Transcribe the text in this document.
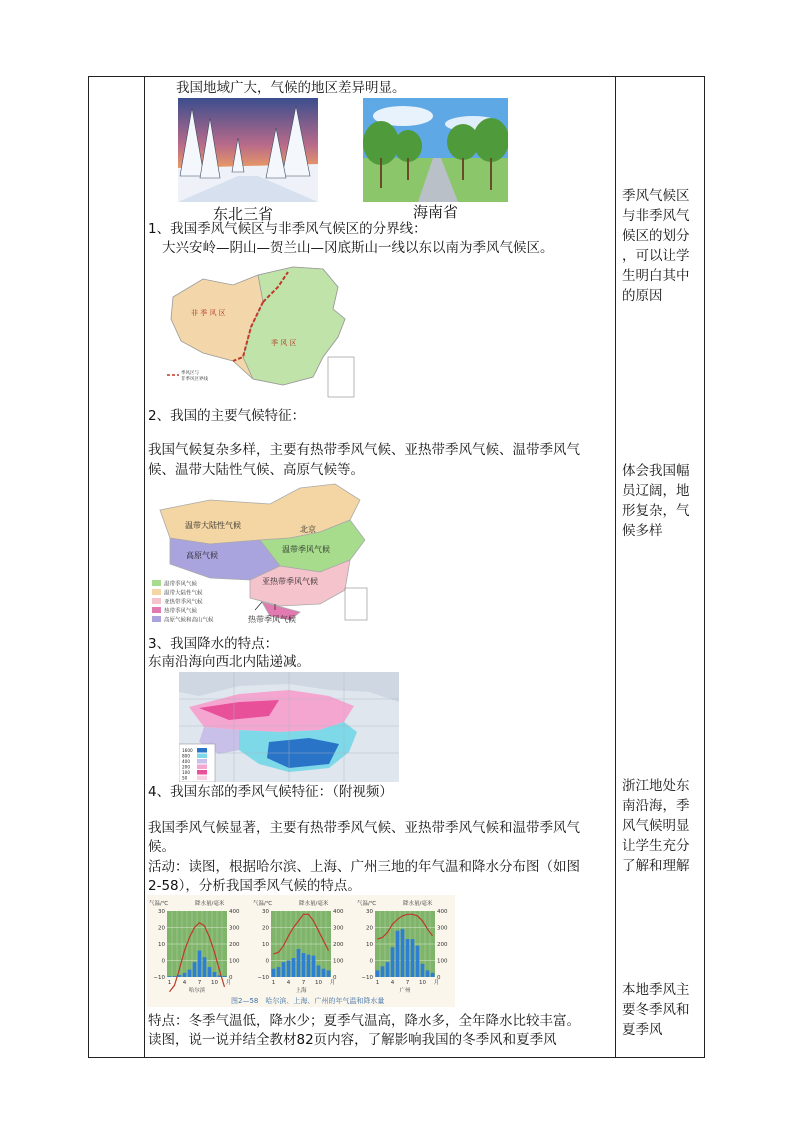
我国地域广大，气候的地区差异明显。
东北三省	海南省
1、我国季风气候区与非季风气候区的分界线：
大兴安岭—阴山—贺兰山—冈底斯山一线以东以南为季风气候区。
非 季 风 区
季 风 区
季风区与
非季风区界线
2、我国的主要气候特征：
我国气候复杂多样，主要有热带季风气候、亚热带季风气候、温带季风气
候、温带大陆性气候、高原气候等。
温带大陆性气候	北京
高原气候
温带季风气候
亚热带季风气候
热带季风气候
温带季风气候
温带大陆性气候
亚热带季风气候
热带季风气候
高原气候和高山气候
3、我国降水的特点：
东南沿海向西北内陆递减。
1600
800
400
200
100
50
4、我国东部的季风气候特征：（附视频）
我国季风气候显著，主要有热带季风气候、亚热带季风气候和温带季风气
候。
活动：读图，根据哈尔滨、上海、广州三地的年气温和降水分布图（如图
2-58），分析我国季风气候的特点。
图2—58　哈尔滨、上海、广州的年气温和降水量
气温/℃	降水量/毫米
30
20
10
0
−10
400
300
200
100
0
1 4 7 10 月
哈尔滨
气温/℃	降水量/毫米
30
20
10
0
−10
400
300
200
100
0
1 4 7 10 月
上海
气温/℃	降水量/毫米
30
20
10
0
−10
400
300
200
100
0
1 4 7 10 月
广州
特点：冬季气温低，降水少；夏季气温高，降水多，全年降水比较丰富。
读图，说一说并结全教材82页内容，了解影响我国的冬季风和夏季风
季风气候区
与非季风气
候区的划分
，可以让学
生明白其中
的原因
体会我国幅
员辽阔，地
形复杂，气
候多样
浙江地处东
南沿海，季
风气候明显
让学生充分
了解和理解
本地季风主
要冬季风和
夏季风
